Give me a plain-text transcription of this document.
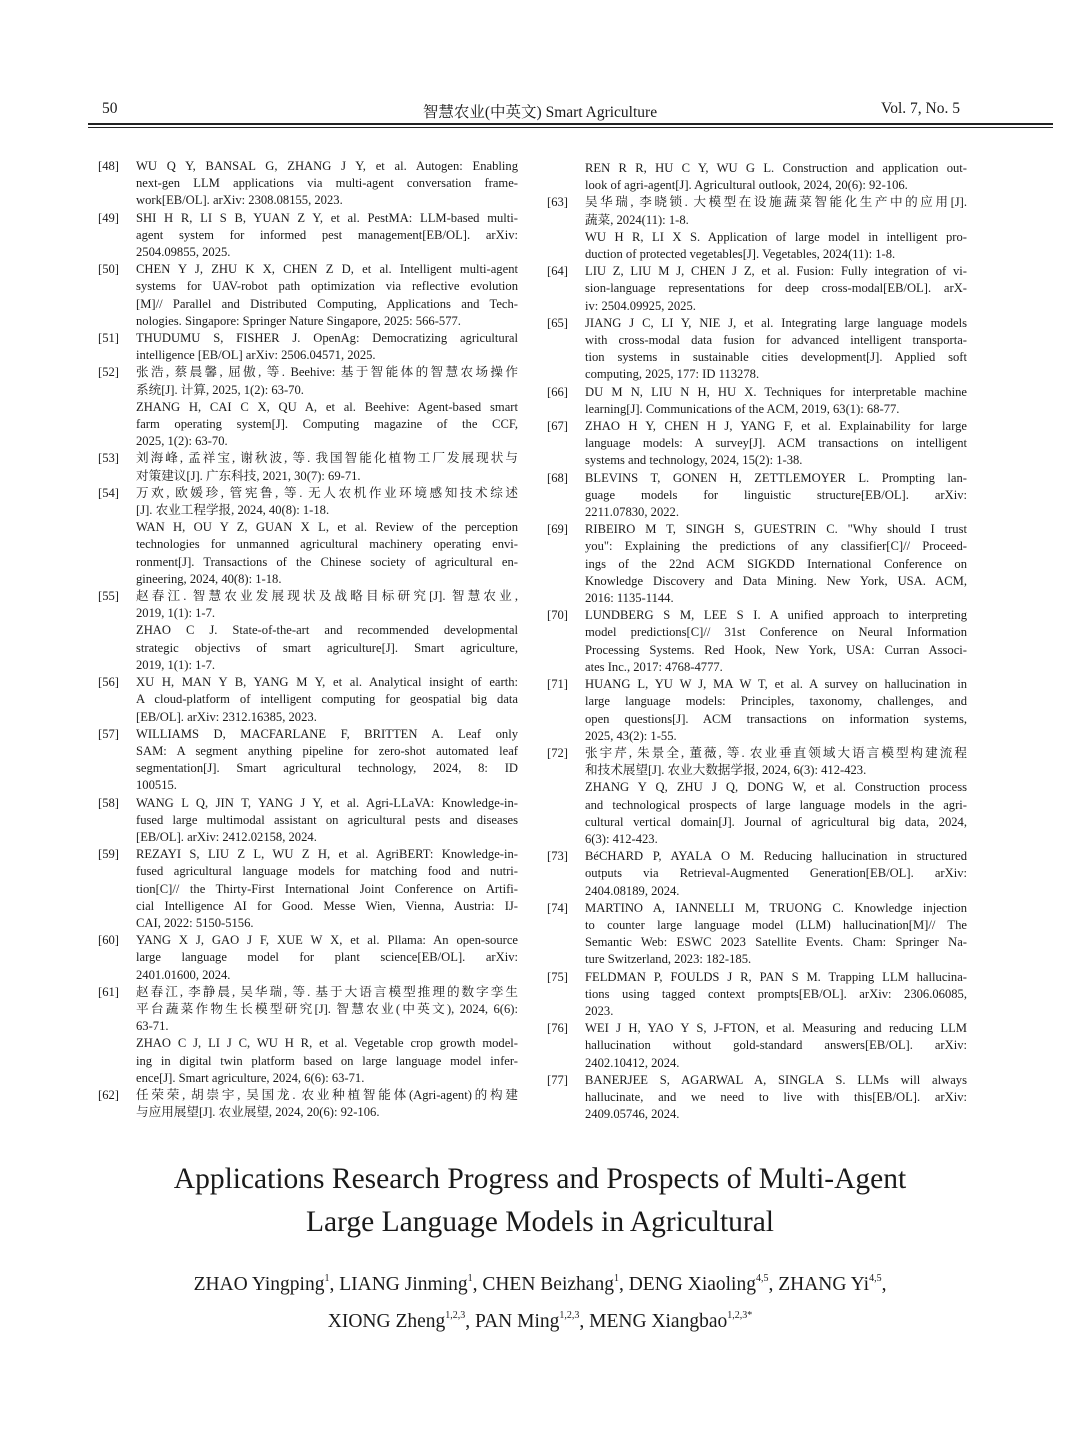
50	智慧农业(中英文) Smart Agriculture	Vol. 7, No. 5
[48]	WU Q Y, BANSAL G, ZHANG J Y, et al. Autogen: Enabling
next-gen LLM applications via multi-agent conversation frame-
work[EB/OL]. arXiv: 2308.08155, 2023.
[49]	SHI H R, LI S B, YUAN Z Y, et al. PestMA: LLM-based multi-
agent system for informed pest management[EB/OL]. arXiv:
2504.09855, 2025.
[50]	CHEN Y J, ZHU K X, CHEN Z D, et al. Intelligent multi-agent
systems for UAV-robot path optimization via reflective evolution
[M]// Parallel and Distributed Computing, Applications and Tech-
nologies. Singapore: Springer Nature Singapore, 2025: 566-577.
[51]	THUDUMU S, FISHER J. OpenAg: Democratizing agricultural
intelligence [EB/OL] arXiv: 2506.04571, 2025.
[52]	张浩, 蔡晨馨, 屈傲, 等. Beehive: 基于智能体的智慧农场操作
系统[J]. 计算, 2025, 1(2): 63-70.
ZHANG H, CAI C X, QU A, et al. Beehive: Agent-based smart
farm operating system[J]. Computing magazine of the CCF,
2025, 1(2): 63-70.
[53]	刘海峰, 孟祥宝, 谢秋波, 等. 我国智能化植物工厂发展现状与
对策建议[J]. 广东科技, 2021, 30(7): 69-71.
[54]	万欢, 欧媛珍, 管宪鲁, 等. 无人农机作业环境感知技术综述
[J]. 农业工程学报, 2024, 40(8): 1-18.
WAN H, OU Y Z, GUAN X L, et al. Review of the perception
technologies for unmanned agricultural machinery operating envi-
ronment[J]. Transactions of the Chinese society of agricultural en-
gineering, 2024, 40(8): 1-18.
[55]	赵春江. 智慧农业发展现状及战略目标研究[J]. 智慧农业,
2019, 1(1): 1-7.
ZHAO C J. State-of-the-art and recommended developmental
strategic objectivs of smart agriculture[J]. Smart agriculture,
2019, 1(1): 1-7.
[56]	XU H, MAN Y B, YANG M Y, et al. Analytical insight of earth:
A cloud-platform of intelligent computing for geospatial big data
[EB/OL]. arXiv: 2312.16385, 2023.
[57]	WILLIAMS D, MACFARLANE F, BRITTEN A. Leaf only
SAM: A segment anything pipeline for zero-shot automated leaf
segmentation[J]. Smart agricultural technology, 2024, 8: ID
100515.
[58]	WANG L Q, JIN T, YANG J Y, et al. Agri-LLaVA: Knowledge-in-
fused large multimodal assistant on agricultural pests and diseases
[EB/OL]. arXiv: 2412.02158, 2024.
[59]	REZAYI S, LIU Z L, WU Z H, et al. AgriBERT: Knowledge-in-
fused agricultural language models for matching food and nutri-
tion[C]// the Thirty-First International Joint Conference on Artifi-
cial Intelligence AI for Good. Messe Wien, Vienna, Austria: IJ-
CAI, 2022: 5150-5156.
[60]	YANG X J, GAO J F, XUE W X, et al. Pllama: An open-source
large language model for plant science[EB/OL]. arXiv:
2401.01600, 2024.
[61]	赵春江, 李静晨, 吴华瑞, 等. 基于大语言模型推理的数字孪生
平台蔬菜作物生长模型研究[J]. 智慧农业(中英文), 2024, 6(6):
63-71.
ZHAO C J, LI J C, WU H R, et al. Vegetable crop growth model-
ing in digital twin platform based on large language model infer-
ence[J]. Smart agriculture, 2024, 6(6): 63-71.
[62]	任荣荣, 胡崇宇, 吴国龙. 农业种植智能体(Agri-agent)的构建
与应用展望[J]. 农业展望, 2024, 20(6): 92-106.
REN R R, HU C Y, WU G L. Construction and application out-
look of agri-agent[J]. Agricultural outlook, 2024, 20(6): 92-106.
[63]	吴华瑞, 李晓锁. 大模型在设施蔬菜智能化生产中的应用[J].
蔬菜, 2024(11): 1-8.
WU H R, LI X S. Application of large model in intelligent pro-
duction of protected vegetables[J]. Vegetables, 2024(11): 1-8.
[64]	LIU Z, LIU M J, CHEN J Z, et al. Fusion: Fully integration of vi-
sion-language representations for deep cross-modal[EB/OL]. arX-
iv: 2504.09925, 2025.
[65]	JIANG J C, LI Y, NIE J, et al. Integrating large language models
with cross-modal data fusion for advanced intelligent transporta-
tion systems in sustainable cities development[J]. Applied soft
computing, 2025, 177: ID 113278.
[66]	DU M N, LIU N H, HU X. Techniques for interpretable machine
learning[J]. Communications of the ACM, 2019, 63(1): 68-77.
[67]	ZHAO H Y, CHEN H J, YANG F, et al. Explainability for large
language models: A survey[J]. ACM transactions on intelligent
systems and technology, 2024, 15(2): 1-38.
[68]	BLEVINS T, GONEN H, ZETTLEMOYER L. Prompting lan-
guage models for linguistic structure[EB/OL]. arXiv:
2211.07830, 2022.
[69]	RIBEIRO M T, SINGH S, GUESTRIN C. "Why should I trust
you": Explaining the predictions of any classifier[C]// Proceed-
ings of the 22nd ACM SIGKDD International Conference on
Knowledge Discovery and Data Mining. New York, USA. ACM,
2016: 1135-1144.
[70]	LUNDBERG S M, LEE S I. A unified approach to interpreting
model predictions[C]// 31st Conference on Neural Information
Processing Systems. Red Hook, New York, USA: Curran Associ-
ates Inc., 2017: 4768-4777.
[71]	HUANG L, YU W J, MA W T, et al. A survey on hallucination in
large language models: Principles, taxonomy, challenges, and
open questions[J]. ACM transactions on information systems,
2025, 43(2): 1-55.
[72]	张宇芹, 朱景全, 董薇, 等. 农业垂直领域大语言模型构建流程
和技术展望[J]. 农业大数据学报, 2024, 6(3): 412-423.
ZHANG Y Q, ZHU J Q, DONG W, et al. Construction process
and technological prospects of large language models in the agri-
cultural vertical domain[J]. Journal of agricultural big data, 2024,
6(3): 412-423.
[73]	BéCHARD P, AYALA O M. Reducing hallucination in structured
outputs via Retrieval-Augmented Generation[EB/OL]. arXiv:
2404.08189, 2024.
[74]	MARTINO A, IANNELLI M, TRUONG C. Knowledge injection
to counter large language model (LLM) hallucination[M]// The
Semantic Web: ESWC 2023 Satellite Events. Cham: Springer Na-
ture Switzerland, 2023: 182-185.
[75]	FELDMAN P, FOULDS J R, PAN S M. Trapping LLM hallucina-
tions using tagged context prompts[EB/OL]. arXiv: 2306.06085,
2023.
[76]	WEI J H, YAO Y S, J-FTON, et al. Measuring and reducing LLM
hallucination without gold-standard answers[EB/OL]. arXiv:
2402.10412, 2024.
[77]	BANERJEE S, AGARWAL A, SINGLA S. LLMs will always
hallucinate, and we need to live with this[EB/OL]. arXiv:
2409.05746, 2024.
Applications Research Progress and Prospects of Multi-Agent
Large Language Models in Agricultural
ZHAO Yingping$^1$, LIANG Jinming$^1$, CHEN Beizhang$^1$, DENG Xiaoling$^{4,5}$, ZHANG Yi$^{4,5}$,
XIONG Zheng$^{1,2,3}$, PAN Ming$^{1,2,3}$, MENG Xiangbao$^{1,2,3*}$
